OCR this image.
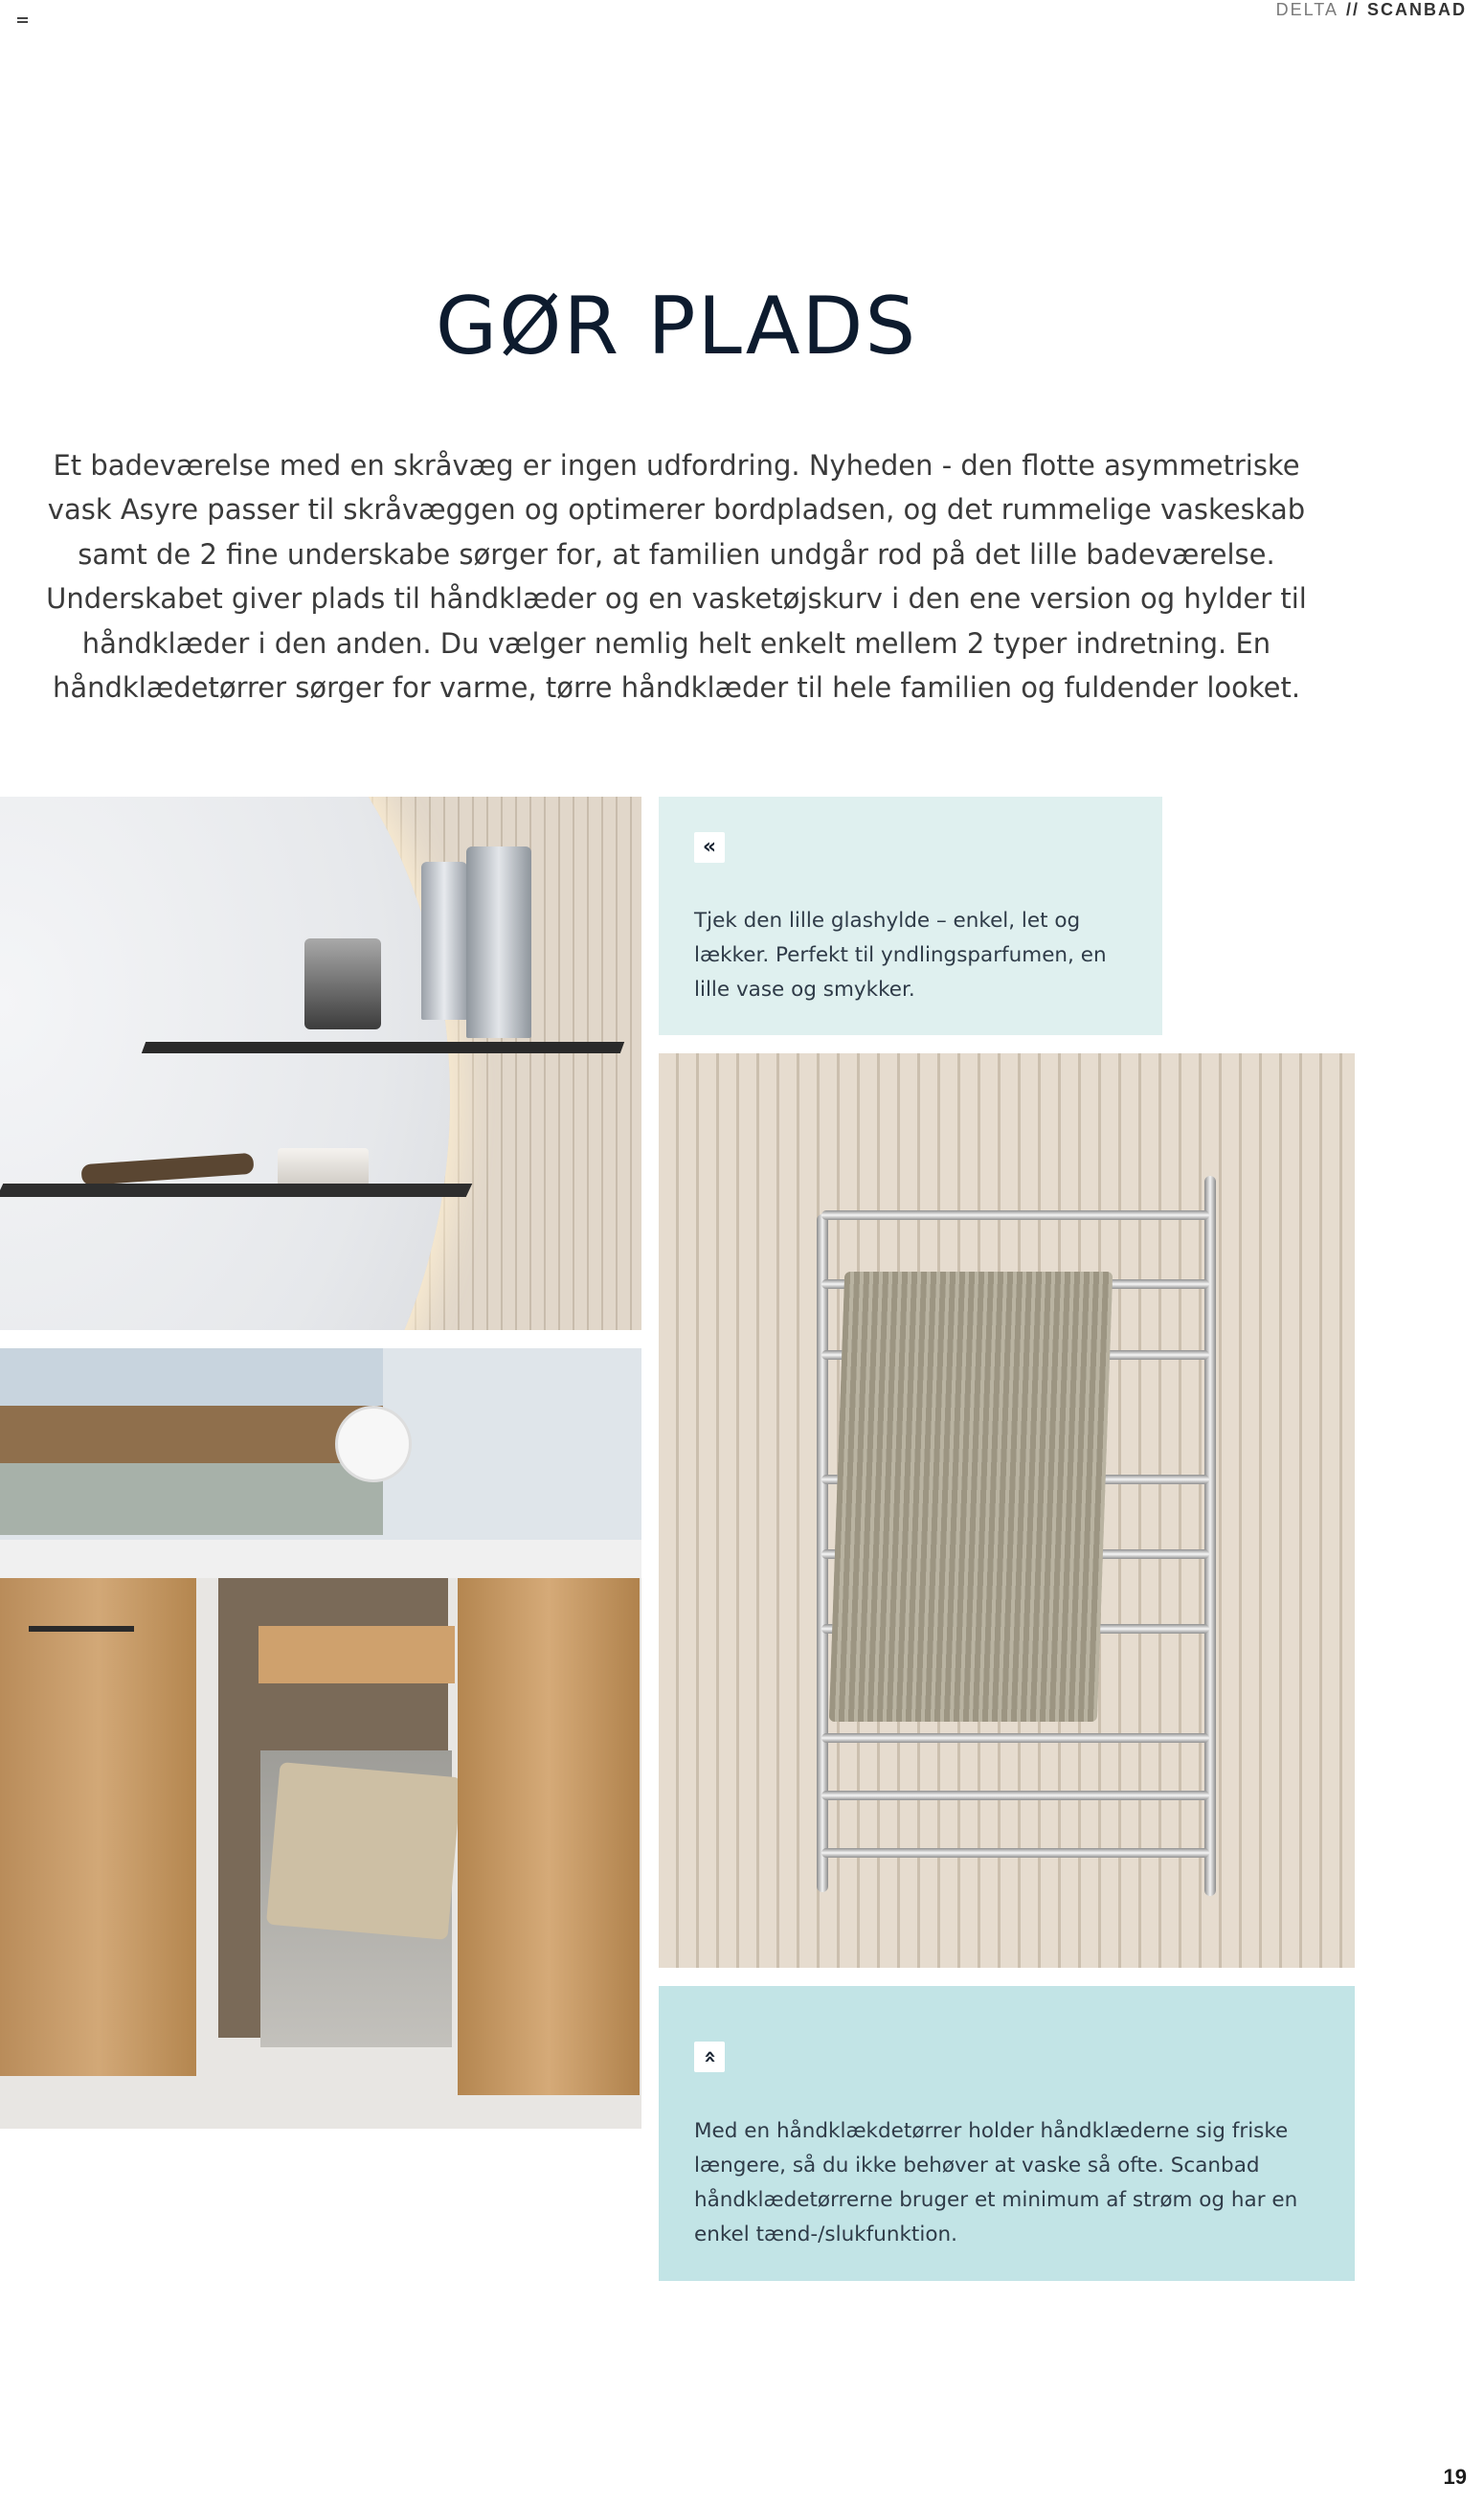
DELTA // SCANBAD
GØR PLADS

Et badeværelse med en skråvæg er ingen udfordring. Nyheden - den flotte asymmetriske vask Asyre passer til skråvæggen og optimerer bordpladsen, og det rummelige vaskeskab samt de 2 fine underskabe sørger for, at familien undgår rod på det lille badeværelse. Underskabet giver plads til håndklæder og en vasketøjskurv i den ene version og hylder til håndklæder i den anden. Du vælger nemlig helt enkelt mellem 2 typer indretning. En håndklædetørrer sørger for varme, tørre håndklæder til hele familien og fuldender looket.

«

Tjek den lille glashylde – enkel, let og lækker. Perfekt til yndlingsparfumen, en lille vase og smykker.

«

Med en håndklækdetørrer holder håndklæderne sig friske længere, så du ikke behøver at vaske så ofte. Scanbad håndklædetørrerne bruger et minimum af strøm og har en enkel tænd-/slukfunktion.

19
